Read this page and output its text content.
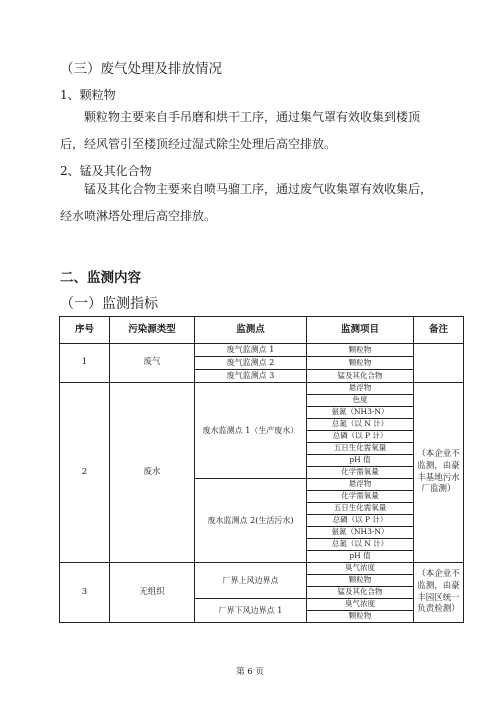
（三）废气处理及排放情况
1、颗粒物
颗粒物主要来自手吊磨和烘干工序，通过集气罩有效收集到楼顶后，经风管引至楼顶经过湿式除尘处理后高空排放。
2、锰及其化合物
锰及其化合物主要来自喷马骝工序，通过废气收集罩有效收集后，经水喷淋塔处理后高空排放。
二、监测内容
（一）监测指标
序号	污染源类型	监测点	监测项目	备注
1	废气	废气监测点 1	颗粒物	
		废气监测点 2	颗粒物	
		废气监测点 3	锰及其化合物	
2	废水	废水监测点 1（生产废水）	悬浮物	（本企业不监测，由豪丰基地污水厂监测）
			色度	
			氨氮（NH3-N）	
			总氮（以 N 计）	
			总磷（以 P 计）	
			五日生化需氧量	
			pH 值	
			化学需氧量	
		废水监测点 2(生活污水)	悬浮物	
			化学需氧量	
			五日生化需氧量	
			总磷（以 P 计）	
			氨氮（NH3-N）	
			总氮（以 N 计）	
			pH 值	
3	无组织	厂界上风边界点	臭气浓度	（本企业不监测，由豪丰园区统一负责检测）
			颗粒物	
			锰及其化合物	
		厂界下风边界点 1	臭气浓度	
			颗粒物	
第 6 页
